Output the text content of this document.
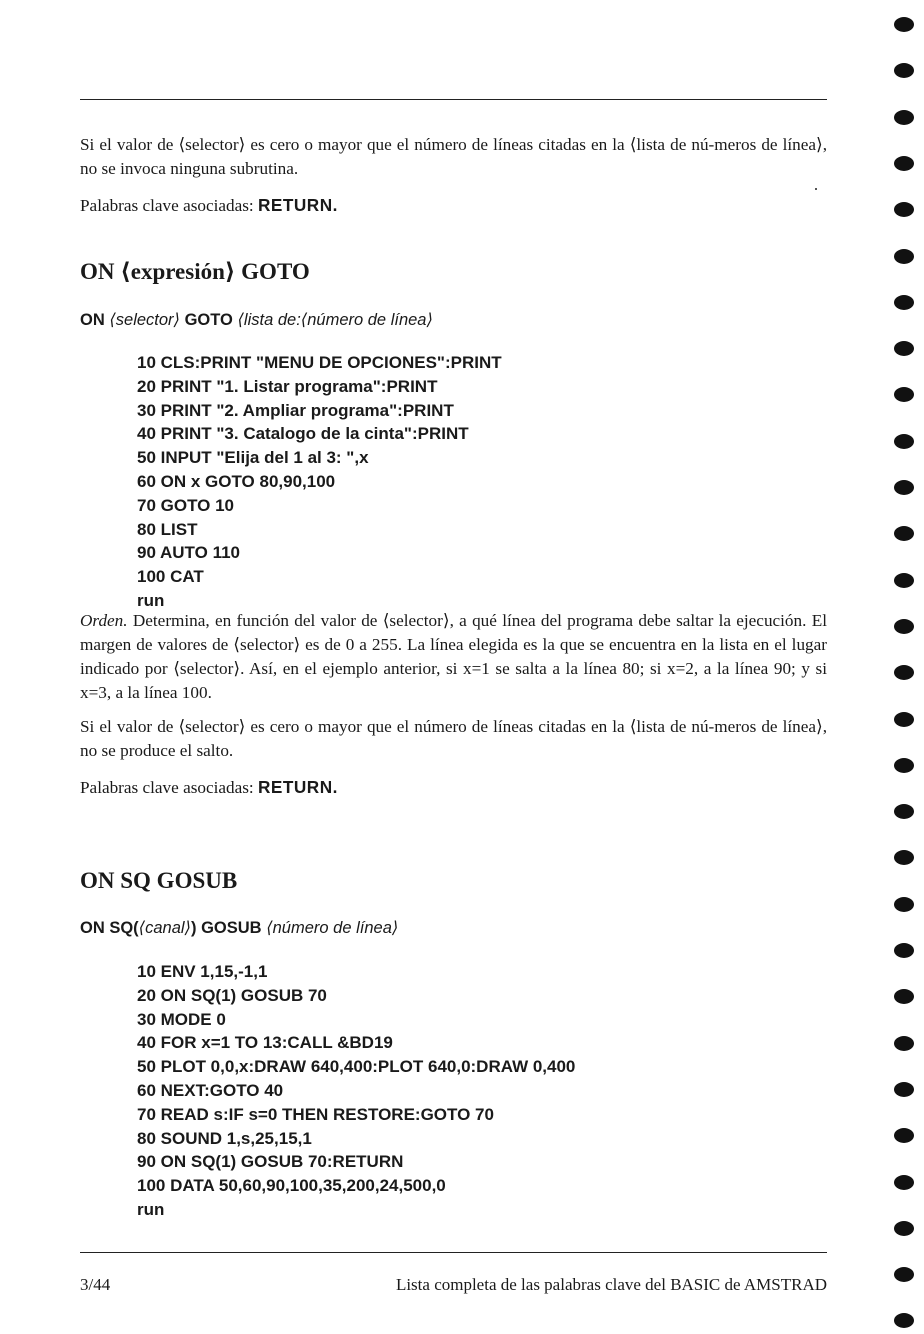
Si el valor de ⟨selector⟩ es cero o mayor que el número de líneas citadas en la ⟨lista de nú-meros de línea⟩, no se invoca ninguna subrutina.

Palabras clave asociadas: RETURN.

ON ⟨expresión⟩ GOTO

ON ⟨selector⟩ GOTO ⟨lista de:⟨número de línea⟩

10 CLS:PRINT "MENU DE OPCIONES":PRINT
20 PRINT "1. Listar programa":PRINT
30 PRINT "2. Ampliar programa":PRINT
40 PRINT "3. Catalogo de la cinta":PRINT
50 INPUT "Elija del 1 al 3: ",x
60 ON x GOTO 80,90,100
70 GOTO 10
80 LIST
90 AUTO 110
100 CAT
run

Orden. Determina, en función del valor de ⟨selector⟩, a qué línea del programa debe saltar la ejecución. El margen de valores de ⟨selector⟩ es de 0 a 255. La línea elegida es la que se encuentra en la lista en el lugar indicado por ⟨selector⟩. Así, en el ejemplo anterior, si x=1 se salta a la línea 80; si x=2, a la línea 90; y si x=3, a la línea 100.

Si el valor de ⟨selector⟩ es cero o mayor que el número de líneas citadas en la ⟨lista de nú-meros de línea⟩, no se produce el salto.

Palabras clave asociadas: RETURN.

ON SQ GOSUB

ON SQ(⟨canal⟩) GOSUB ⟨número de línea⟩

10 ENV 1,15,-1,1
20 ON SQ(1) GOSUB 70
30 MODE 0
40 FOR x=1 TO 13:CALL &BD19
50 PLOT 0,0,x:DRAW 640,400:PLOT 640,0:DRAW 0,400
60 NEXT:GOTO 40
70 READ s:IF s=0 THEN RESTORE:GOTO 70
80 SOUND 1,s,25,15,1
90 ON SQ(1) GOSUB 70:RETURN
100 DATA 50,60,90,100,35,200,24,500,0
run
3/44	Lista completa de las palabras clave del BASIC de AMSTRAD
